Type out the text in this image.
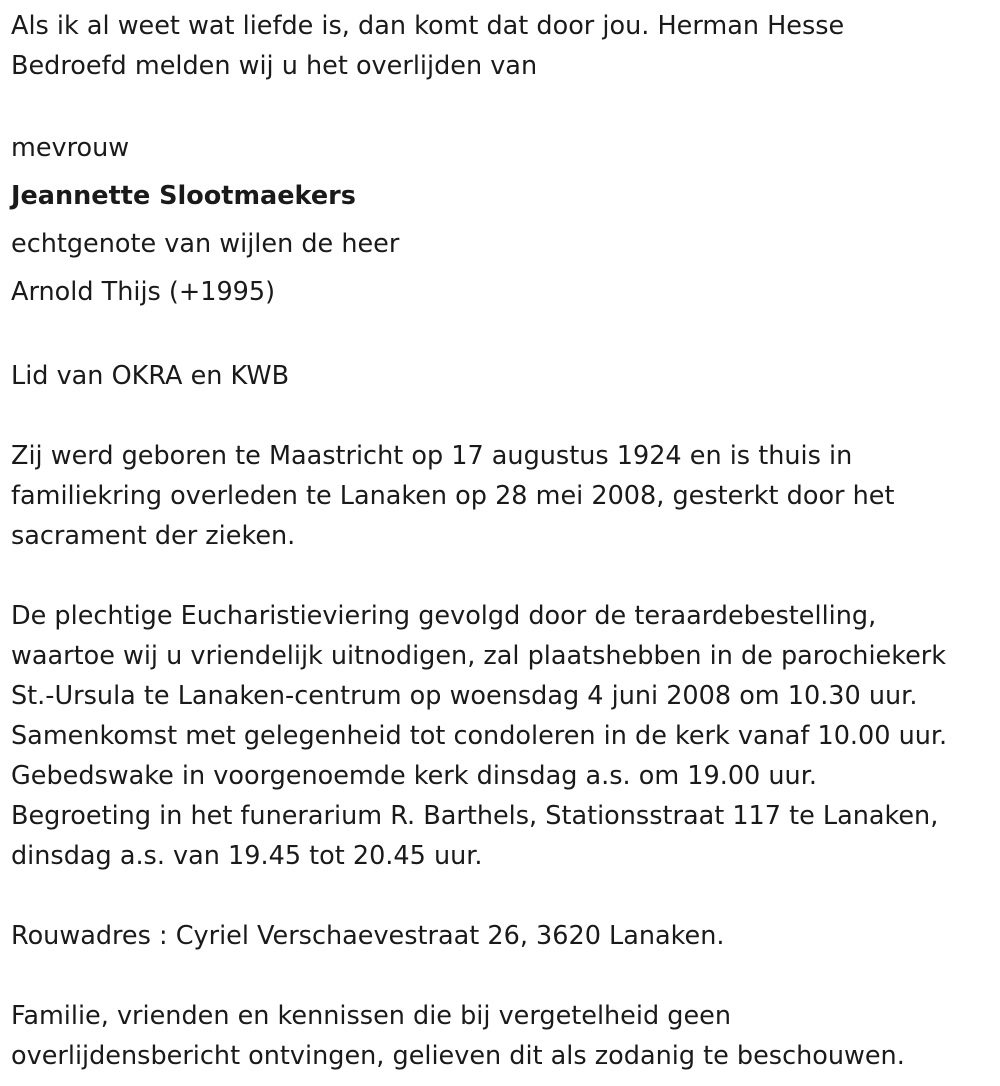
Als ik al weet wat liefde is, dan komt dat door jou. Herman Hesse
Bedroefd melden wij u het overlijden van
mevrouw
Jeannette Slootmaekers
echtgenote van wijlen de heer
Arnold Thijs (+1995)
Lid van OKRA en KWB
Zij werd geboren te Maastricht op 17 augustus 1924 en is thuis in
familiekring overleden te Lanaken op 28 mei 2008, gesterkt door het
sacrament der zieken.
De plechtige Eucharistieviering gevolgd door de teraardebestelling,
waartoe wij u vriendelijk uitnodigen, zal plaatshebben in de parochiekerk
St.-Ursula te Lanaken-centrum op woensdag 4 juni 2008 om 10.30 uur.
Samenkomst met gelegenheid tot condoleren in de kerk vanaf 10.00 uur.
Gebedswake in voorgenoemde kerk dinsdag a.s. om 19.00 uur.
Begroeting in het funerarium R. Barthels, Stationsstraat 117 te Lanaken,
dinsdag a.s. van 19.45 tot 20.45 uur.
Rouwadres : Cyriel Verschaevestraat 26, 3620 Lanaken.
Familie, vrienden en kennissen die bij vergetelheid geen
overlijdensbericht ontvingen, gelieven dit als zodanig te beschouwen.
